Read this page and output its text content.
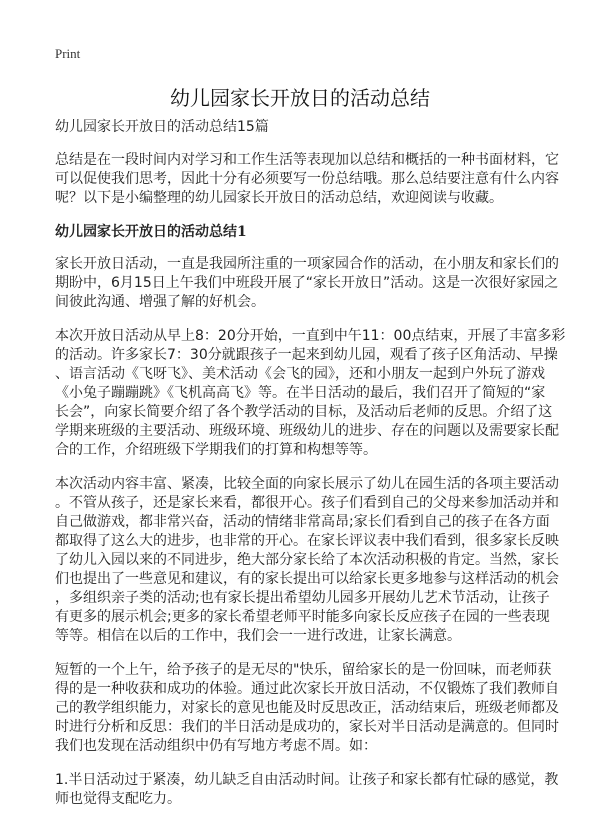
Print
幼儿园家长开放日的活动总结
幼儿园家长开放日的活动总结15篇
总结是在一段时间内对学习和工作生活等表现加以总结和概括的一种书面材料，它
可以促使我们思考，因此十分有必须要写一份总结哦。那么总结要注意有什么内容
呢？以下是小编整理的幼儿园家长开放日的活动总结，欢迎阅读与收藏。
幼儿园家长开放日的活动总结1
家长开放日活动，一直是我园所注重的一项家园合作的活动，在小朋友和家长们的
期盼中，6月15日上午我们中班段开展了“家长开放日”活动。这是一次很好家园之
间彼此沟通、增强了解的好机会。
本次开放日活动从早上8：20分开始，一直到中午11：00点结束，开展了丰富多彩
的活动。许多家长7：30分就跟孩子一起来到幼儿园，观看了孩子区角活动、早操
、语言活动《飞呀飞》、美术活动《会飞的园》，还和小朋友一起到户外玩了游戏
《小兔子蹦蹦跳》《飞机高高飞》等。在半日活动的最后，我们召开了简短的“家
长会”，向家长简要介绍了各个教学活动的目标，及活动后老师的反思。介绍了这
学期来班级的主要活动、班级环境、班级幼儿的进步、存在的问题以及需要家长配
合的工作，介绍班级下学期我们的打算和构想等等。
本次活动内容丰富、紧凑，比较全面的向家长展示了幼儿在园生活的各项主要活动
。不管从孩子，还是家长来看，都很开心。孩子们看到自己的父母来参加活动并和
自己做游戏，都非常兴奋，活动的情绪非常高昂;家长们看到自己的孩子在各方面
都取得了这么大的进步，也非常的开心。在家长评议表中我们看到，很多家长反映
了幼儿入园以来的不同进步，绝大部分家长给了本次活动积极的肯定。当然，家长
们也提出了一些意见和建议，有的家长提出可以给家长更多地参与这样活动的机会
，多组织亲子类的活动;也有家长提出希望幼儿园多开展幼儿艺术节活动，让孩子
有更多的展示机会;更多的家长希望老师平时能多向家长反应孩子在园的一些表现
等等。相信在以后的工作中，我们会一一进行改进，让家长满意。
短暂的一个上午，给予孩子的是无尽的"快乐，留给家长的是一份回味，而老师获
得的是一种收获和成功的体验。通过此次家长开放日活动，不仅锻炼了我们教师自
己的教学组织能力，对家长的意见也能及时反思改正，活动结束后，班级老师都及
时进行分析和反思：我们的半日活动是成功的，家长对半日活动是满意的。但同时
我们也发现在活动组织中仍有写地方考虑不周。如：
1.半日活动过于紧凑，幼儿缺乏自由活动时间。让孩子和家长都有忙碌的感觉，教
师也觉得支配吃力。
